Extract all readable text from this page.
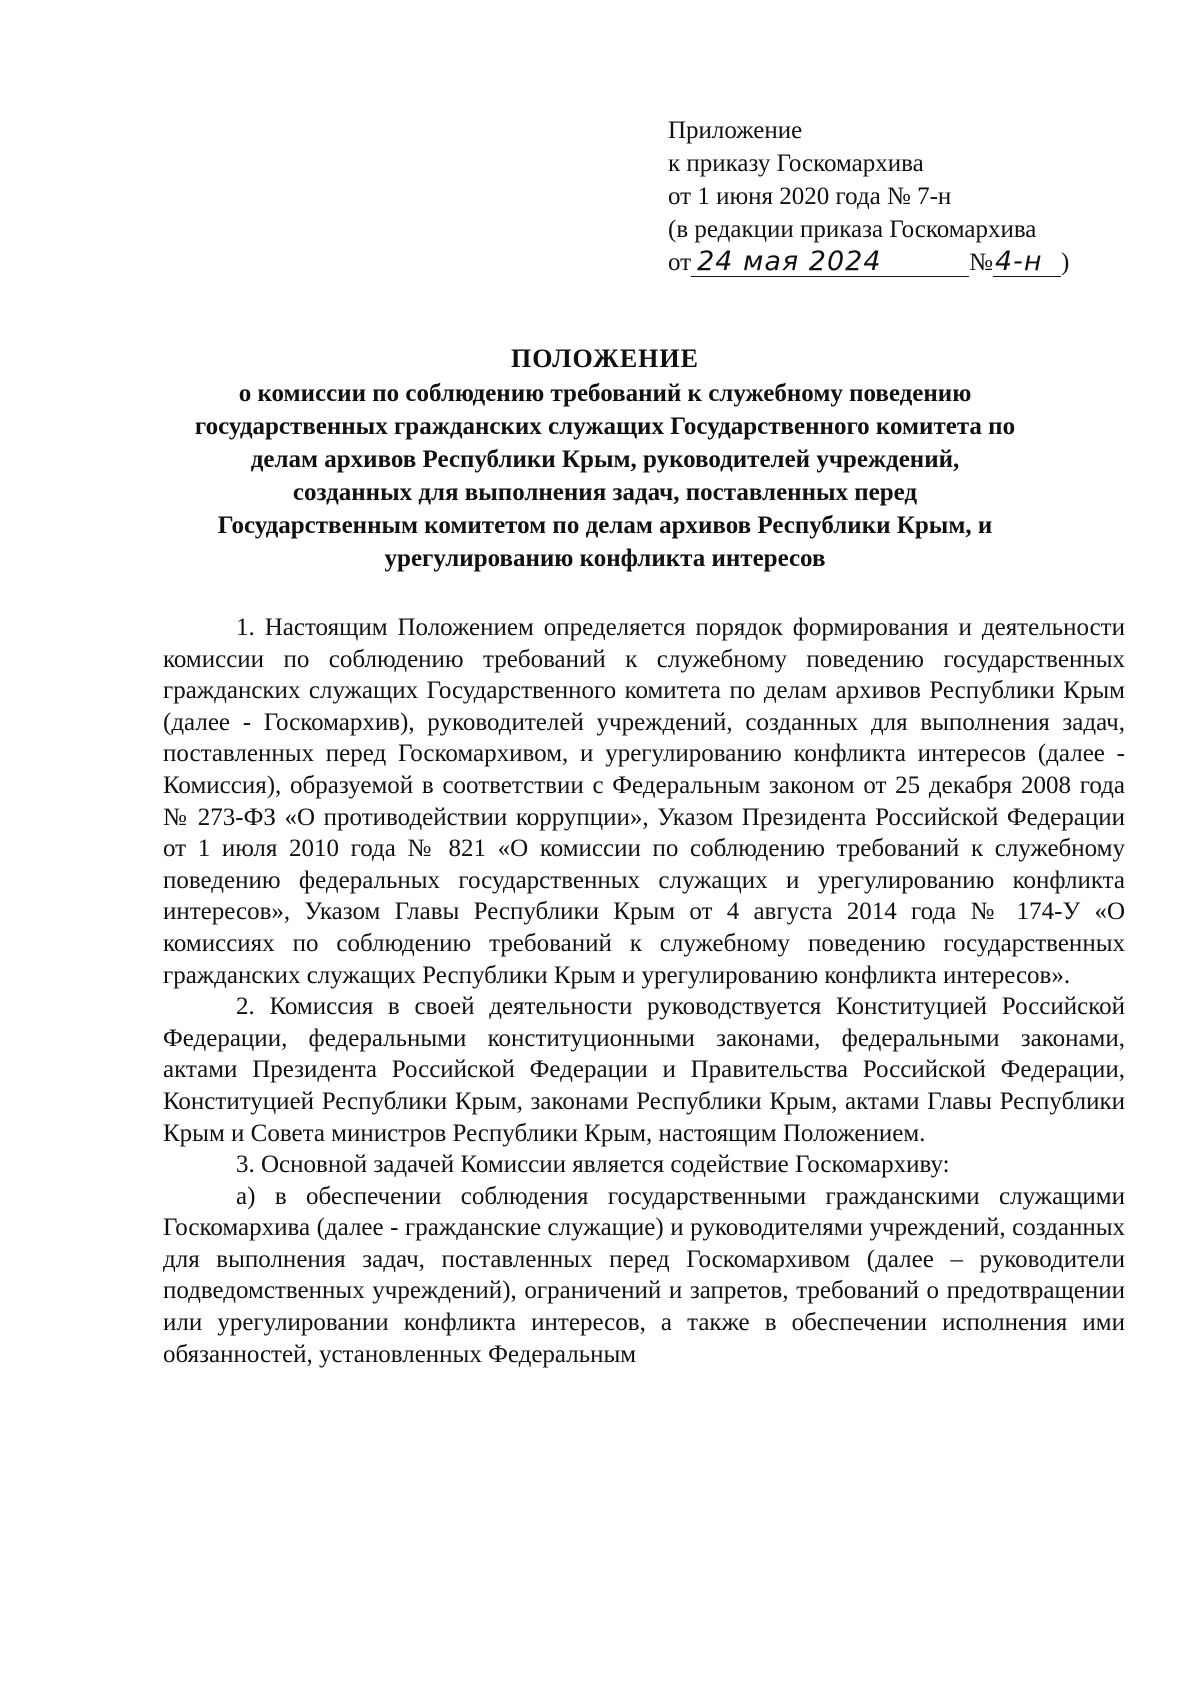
Приложение
к приказу Госкомархива
от 1 июня 2020 года № 7-н
(в редакции приказа Госкомархива
от 24 мая 2024	№4-н )
ПОЛОЖЕНИЕ
о комиссии по соблюдению требований к служебному поведению
государственных гражданских служащих Государственного комитета по
делам архивов Республики Крым, руководителей учреждений,
созданных для выполнения задач, поставленных перед
Государственным комитетом по делам архивов Республики Крым, и
урегулированию конфликта интересов

1. Настоящим Положением определяется порядок формирования и деятельности комиссии по соблюдению требований к служебному поведению государственных гражданских служащих Государственного комитета по делам архивов Республики Крым (далее - Госкомархив), руководителей учреждений, созданных для выполнения задач, поставленных перед Госкомархивом, и урегулированию конфликта интересов (далее - Комиссия), образуемой в соответствии с Федеральным законом от 25 декабря 2008 года № 273-ФЗ «О противодействии коррупции», Указом Президента Российской Федерации от 1 июля 2010 года № 821 «О комиссии по соблюдению требований к служебному поведению федеральных государственных служащих и урегулированию конфликта интересов», Указом Главы Республики Крым от 4 августа 2014 года № 174-У «О комиссиях по соблюдению требований к служебному поведению государственных гражданских служащих Республики Крым и урегулированию конфликта интересов».

2. Комиссия в своей деятельности руководствуется Конституцией Российской Федерации, федеральными конституционными законами, федеральными законами, актами Президента Российской Федерации и Правительства Российской Федерации, Конституцией Республики Крым, законами Республики Крым, актами Главы Республики Крым и Совета министров Республики Крым, настоящим Положением.

3. Основной задачей Комиссии является содействие Госкомархиву:

а) в обеспечении соблюдения государственными гражданскими служащими Госкомархива (далее - гражданские служащие) и руководителями учреждений, созданных для выполнения задач, поставленных перед Госкомархивом (далее – руководители подведомственных учреждений), ограничений и запретов, требований о предотвращении или урегулировании конфликта интересов, а также в обеспечении исполнения ими обязанностей, установленных Федеральным
